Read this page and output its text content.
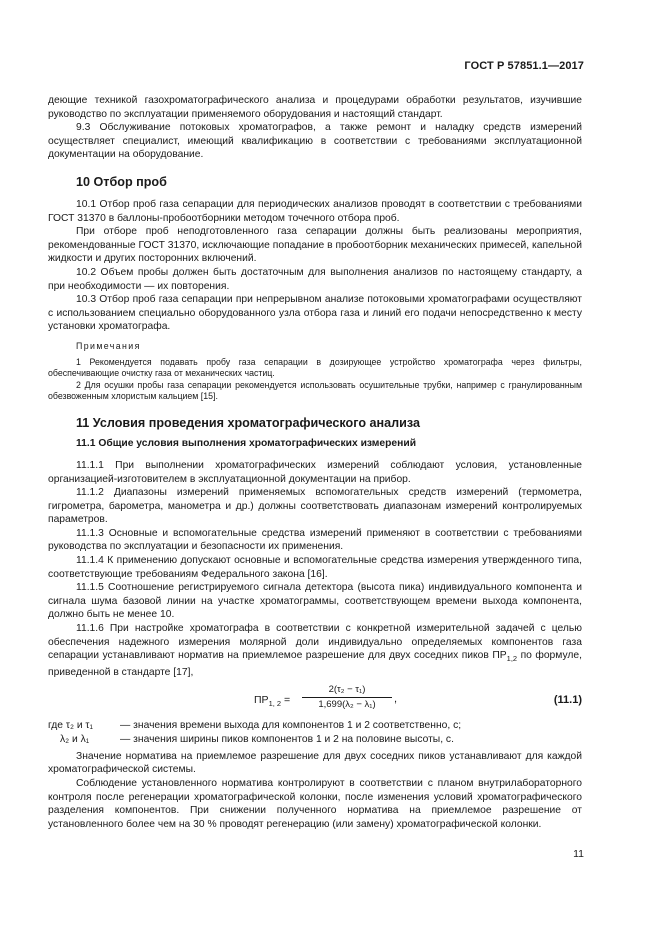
ГОСТ Р 57851.1—2017

деющие техникой газохроматографического анализа и процедурами обработки результатов, изучившие руководство по эксплуатации применяемого оборудования и настоящий стандарт.

9.3 Обслуживание потоковых хроматографов, а также ремонт и наладку средств измерений осуществляет специалист, имеющий квалификацию в соответствии с требованиями эксплуатационной документации на оборудование.

10 Отбор проб

10.1 Отбор проб газа сепарации для периодических анализов проводят в соответствии с требованиями ГОСТ 31370 в баллоны-пробоотборники методом точечного отбора проб.

При отборе проб неподготовленного газа сепарации должны быть реализованы мероприятия, рекомендованные ГОСТ 31370, исключающие попадание в пробоотборник механических примесей, капельной жидкости и других посторонних включений.

10.2 Объем пробы должен быть достаточным для выполнения анализов по настоящему стандарту, а при необходимости — их повторения.

10.3 Отбор проб газа сепарации при непрерывном анализе потоковыми хроматографами осуществляют с использованием специально оборудованного узла отбора газа и линий его подачи непосредственно к месту установки хроматографа.

Примечания

1 Рекомендуется подавать пробу газа сепарации в дозирующее устройство хроматографа через фильтры, обеспечивающие очистку газа от механических частиц.

2 Для осушки пробы газа сепарации рекомендуется использовать осушительные трубки, например с гранулированным обезвоженным хлористым кальцием [15].

11 Условия проведения хроматографического анализа
11.1 Общие условия выполнения хроматографических измерений

11.1.1 При выполнении хроматографических измерений соблюдают условия, установленные организацией-изготовителем в эксплуатационной документации на прибор.

11.1.2 Диапазоны измерений применяемых вспомогательных средств измерений (термометра, гигрометра, барометра, манометра и др.) должны соответствовать диапазонам измерений контролируемых параметров.

11.1.3 Основные и вспомогательные средства измерений применяют в соответствии с требованиями руководства по эксплуатации и безопасности их применения.

11.1.4 К применению допускают основные и вспомогательные средства измерения утвержденного типа, соответствующие требованиям Федерального закона [16].

11.1.5 Соотношение регистрируемого сигнала детектора (высота пика) индивидуального компонента и сигнала шума базовой линии на участке хроматограммы, соответствующем времени выхода компонента, должно быть не менее 10.

11.1.6 При настройке хроматографа в соответствии с конкретной измерительной задачей с целью обеспечения надежного измерения молярной доли индивидуально определяемых компонентов газа сепарации устанавливают норматив на приемлемое разрешение для двух соседних пиков $ПР_{1,2}$ по формуле, приведенной в стандарте [17],

$ПР_{1, 2} = \frac{\text{2(τ₂ − τ₁)}}{\text{1,699(λ₂ − λ₁)}}$ ,	(11.1)
где τ₂ и τ₁	— значения времени выхода для компонентов 1 и 2 соответственно, с;
λ₂ и λ₁	— значения ширины пиков компонентов 1 и 2 на половине высоты, с.

Значение норматива на приемлемое разрешение для двух соседних пиков устанавливают для каждой хроматографической системы.

Соблюдение установленного норматива контролируют в соответствии с планом внутрилабораторного контроля после регенерации хроматографической колонки, после изменения условий хроматографического разделения компонентов. При снижении полученного норматива на приемлемое разрешение от установленного более чем на 30 % проводят регенерацию (или замену) хроматографической колонки.

11
